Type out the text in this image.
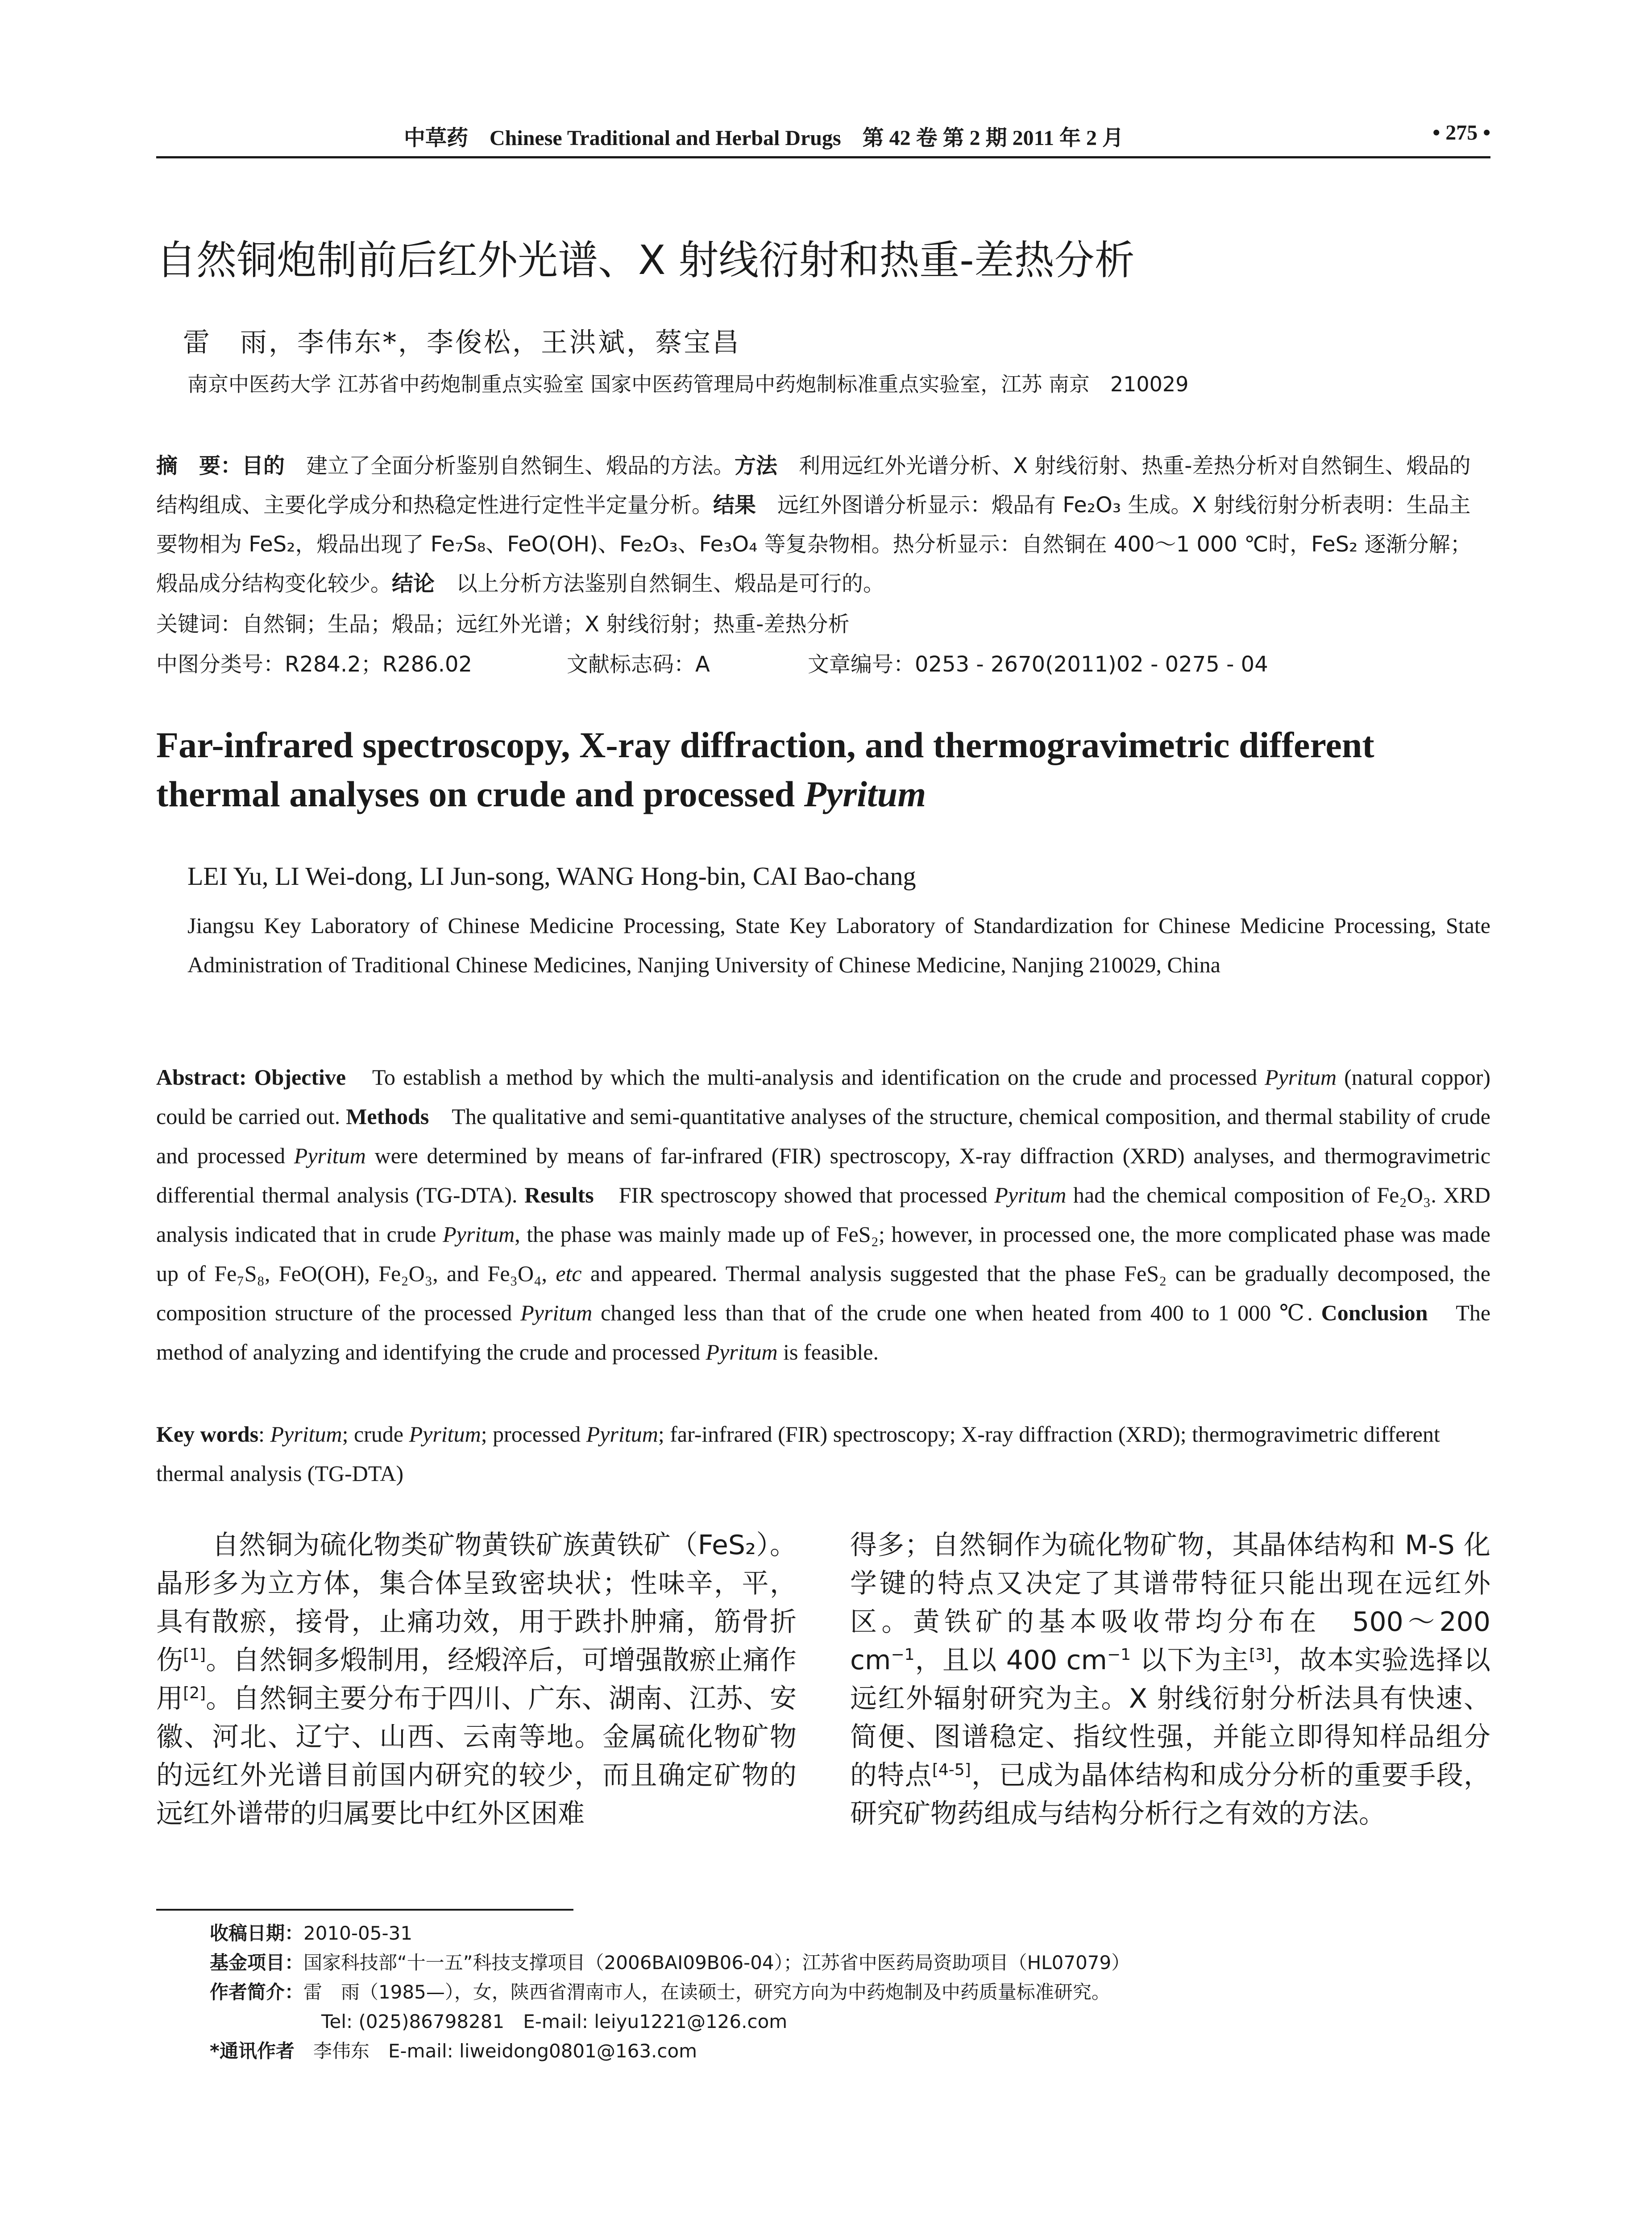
中草药　Chinese Traditional and Herbal Drugs　第 42 卷 第 2 期 2011 年 2 月	• 275 •
自然铜炮制前后红外光谱、X 射线衍射和热重-差热分析
雷　雨，李伟东*，李俊松，王洪斌，蔡宝昌
南京中医药大学 江苏省中药炮制重点实验室 国家中医药管理局中药炮制标准重点实验室，江苏 南京　210029

摘　要：目的　建立了全面分析鉴别自然铜生、煅品的方法。方法　利用远红外光谱分析、X 射线衍射、热重-差热分析对自然铜生、煅品的结构组成、主要化学成分和热稳定性进行定性半定量分析。结果　远红外图谱分析显示：煅品有 Fe₂O₃ 生成。X 射线衍射分析表明：生品主要物相为 FeS₂，煅品出现了 Fe₇S₈、FeO(OH)、Fe₂O₃、Fe₃O₄ 等复杂物相。热分析显示：自然铜在 400～1 000 ℃时，FeS₂ 逐渐分解；煅品成分结构变化较少。结论　以上分析方法鉴别自然铜生、煅品是可行的。

关键词：自然铜；生品；煅品；远红外光谱；X 射线衍射；热重-差热分析
中图分类号：R284.2；R286.02	文献标志码：A	文章编号：0253 - 2670(2011)02 - 0275 - 04
Far-infrared spectroscopy, X-ray diffraction, and thermogravimetric different thermal analyses on crude and processed Pyritum
LEI Yu, LI Wei-dong, LI Jun-song, WANG Hong-bin, CAI Bao-chang
Jiangsu Key Laboratory of Chinese Medicine Processing, State Key Laboratory of Standardization for Chinese Medicine Processing, State Administration of Traditional Chinese Medicines, Nanjing University of Chinese Medicine, Nanjing 210029, China

Abstract: Objective　To establish a method by which the multi-analysis and identification on the crude and processed Pyritum (natural coppor) could be carried out. Methods　The qualitative and semi-quantitative analyses of the structure, chemical composition, and thermal stability of crude and processed Pyritum were determined by means of far-infrared (FIR) spectroscopy, X-ray diffraction (XRD) analyses, and thermogravimetric differential thermal analysis (TG-DTA). Results　FIR spectroscopy showed that processed Pyritum had the chemical composition of Fe₂O₃. XRD analysis indicated that in crude Pyritum, the phase was mainly made up of FeS₂; however, in processed one, the more complicated phase was made up of Fe₇S₈, FeO(OH), Fe₂O₃, and Fe₃O₄, etc and appeared. Thermal analysis suggested that the phase FeS₂ can be gradually decomposed, the composition structure of the processed Pyritum changed less than that of the crude one when heated from 400 to 1 000 ℃. Conclusion　The method of analyzing and identifying the crude and processed Pyritum is feasible.

Key words: Pyritum; crude Pyritum; processed Pyritum; far-infrared (FIR) spectroscopy; X-ray diffraction (XRD); thermogravimetric different thermal analysis (TG-DTA)

自然铜为硫化物类矿物黄铁矿族黄铁矿（FeS₂）。晶形多为立方体，集合体呈致密块状；性味辛，平，具有散瘀，接骨，止痛功效，用于跌扑肿痛，筋骨折伤[1]。自然铜多煅制用，经煅淬后，可增强散瘀止痛作用[2]。自然铜主要分布于四川、广东、湖南、江苏、安徽、河北、辽宁、山西、云南等地。金属硫化物矿物的远红外光谱目前国内研究的较少，而且确定矿物的远红外谱带的归属要比中红外区困难

得多；自然铜作为硫化物矿物，其晶体结构和 M-S 化学键的特点又决定了其谱带特征只能出现在远红外区。黄铁矿的基本吸收带均分布在　500～200 $cm^{-1}$，且以 400 $cm^{-1}$ 以下为主[3]，故本实验选择以远红外辐射研究为主。X 射线衍射分析法具有快速、简便、图谱稳定、指纹性强，并能立即得知样品组分的特点[4-5]，已成为晶体结构和成分分析的重要手段，研究矿物药组成与结构分析行之有效的方法。

收稿日期：2010-05-31
基金项目：国家科技部“十一五”科技支撑项目（2006BAI09B06-04）；江苏省中医药局资助项目（HL07079）
作者简介：雷　雨（1985—），女，陕西省渭南市人，在读硕士，研究方向为中药炮制及中药质量标准研究。
Tel: (025)86798281　E-mail: leiyu1221@126.com
*通讯作者　李伟东　E-mail: liweidong0801@163.com
